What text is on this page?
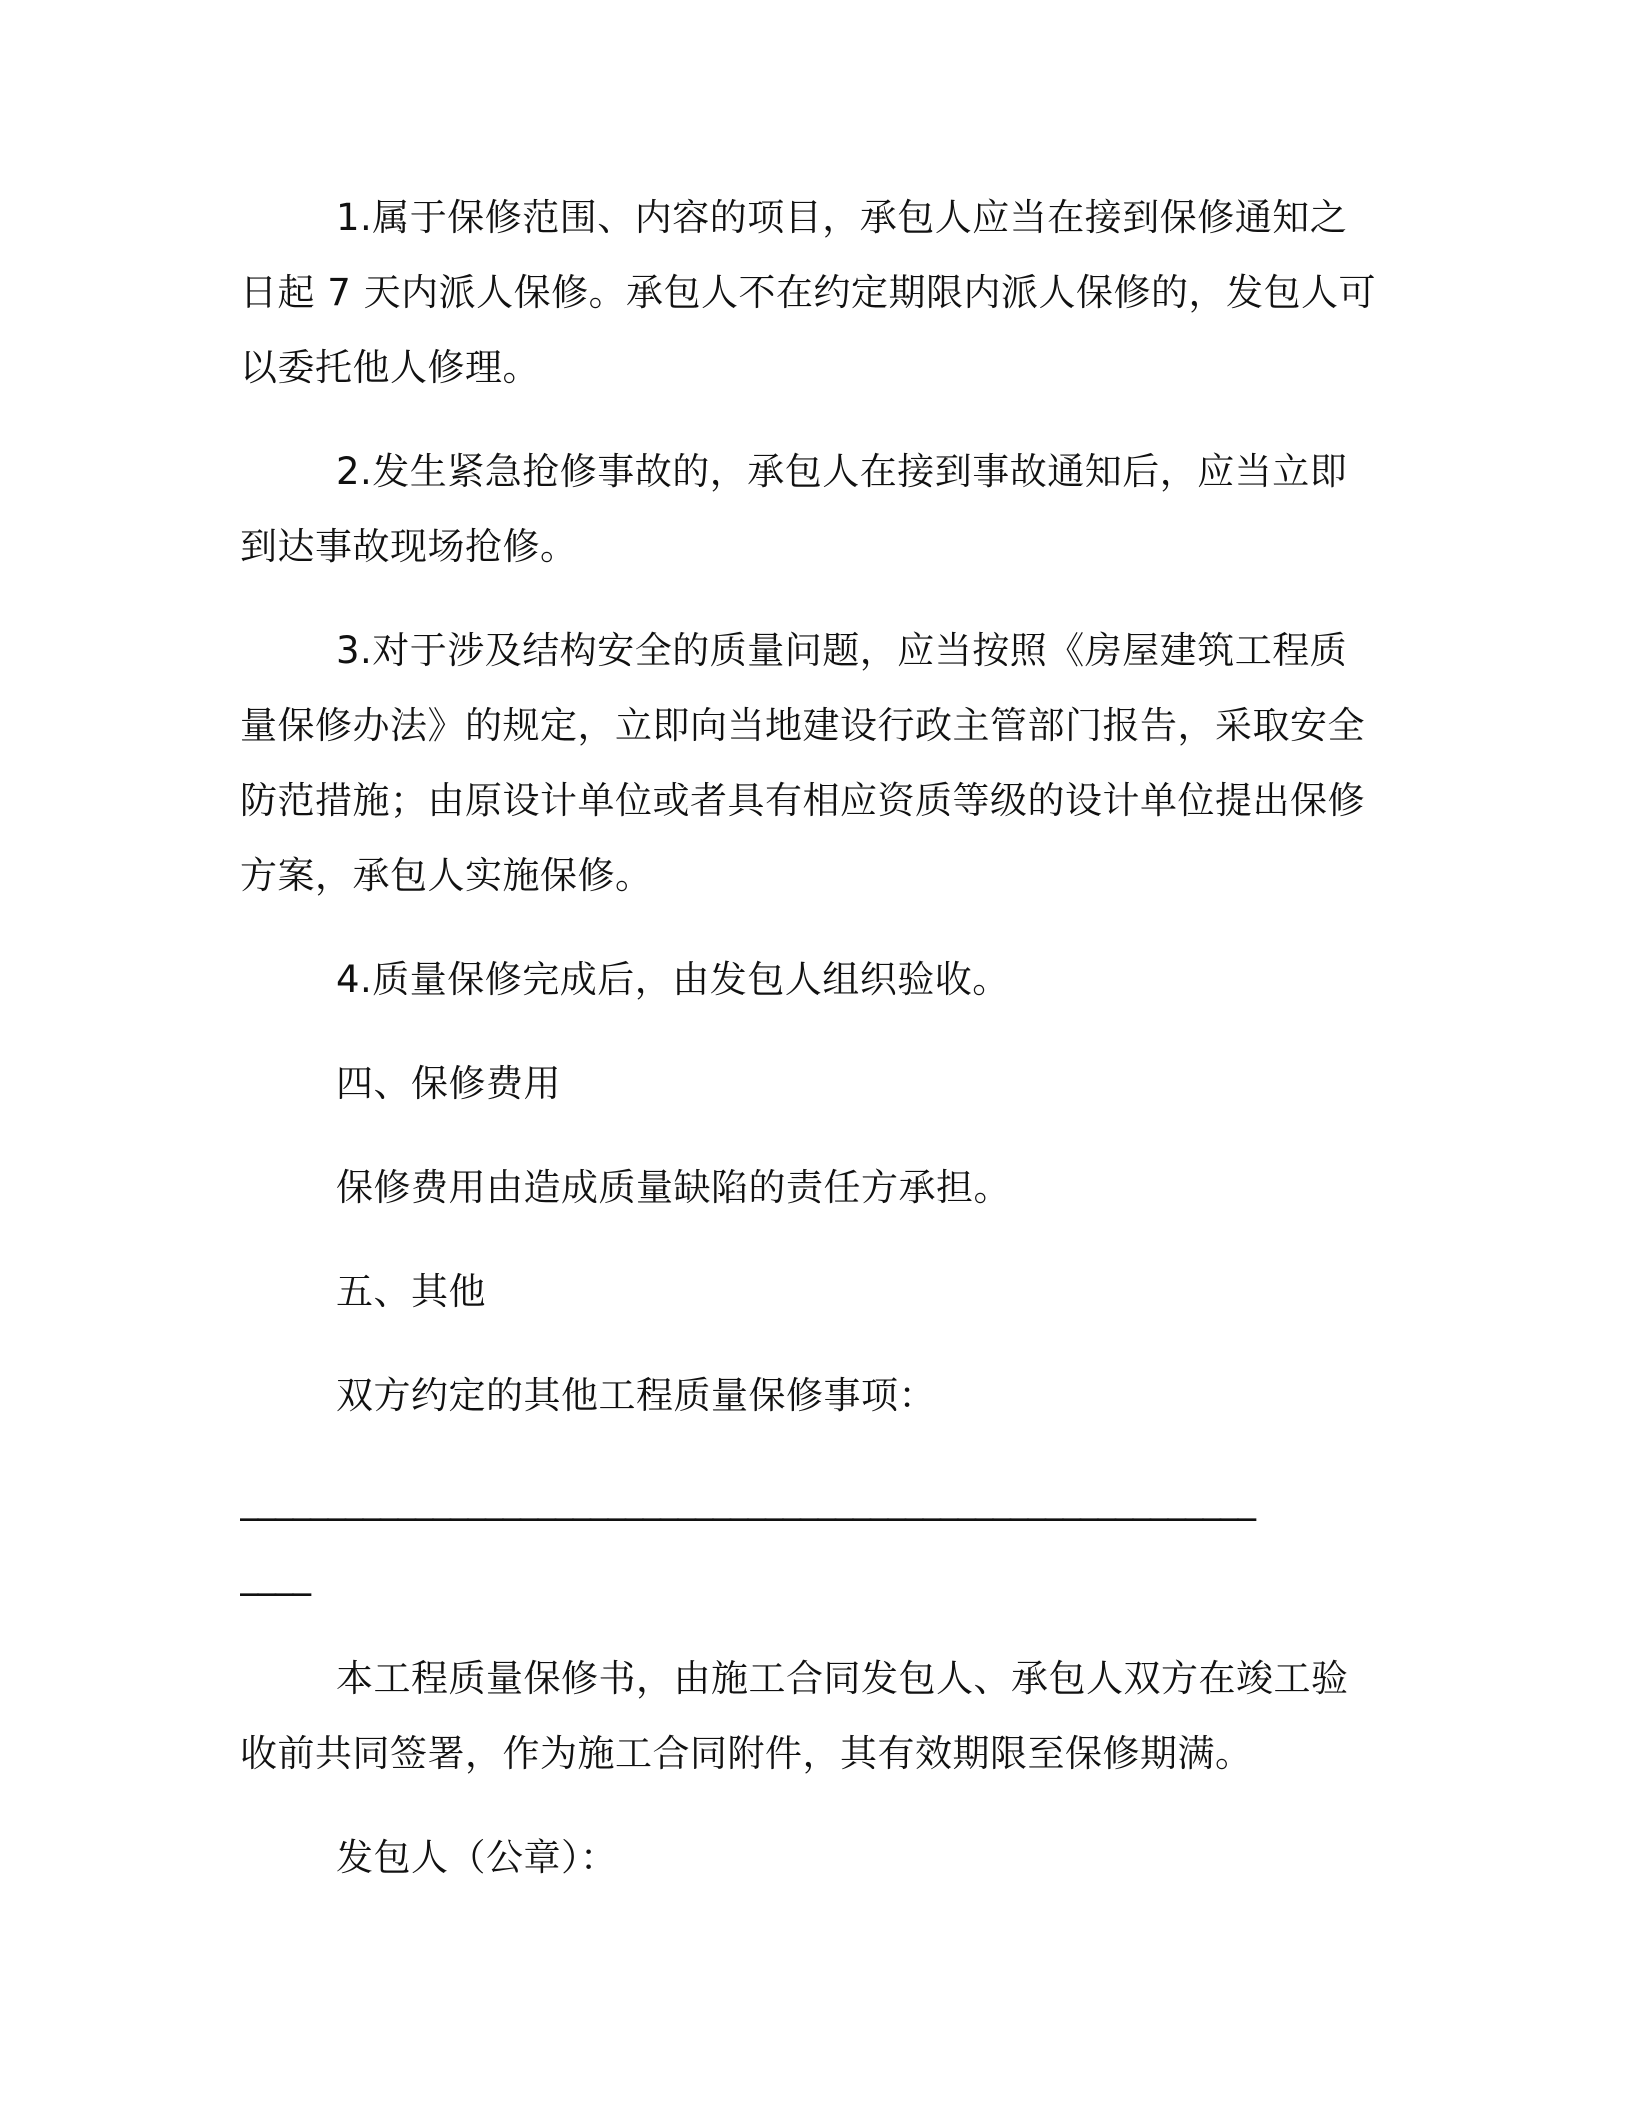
1.属于保修范围、内容的项目，承包人应当在接到保修通知之日起 7 天内派人保修。承包人不在约定期限内派人保修的，发包人可以委托他人修理。

2.发生紧急抢修事故的，承包人在接到事故通知后，应当立即到达事故现场抢修。

3.对于涉及结构安全的质量问题，应当按照《房屋建筑工程质量保修办法》的规定，立即向当地建设行政主管部门报告，采取安全防范措施；由原设计单位或者具有相应资质等级的设计单位提出保修方案，承包人实施保修。

4.质量保修完成后，由发包人组织验收。

四、保修费用

保修费用由造成质量缺陷的责任方承担。

五、其他

双方约定的其他工程质量保修事项：

__________________________________________________________

____

本工程质量保修书，由施工合同发包人、承包人双方在竣工验收前共同签署，作为施工合同附件，其有效期限至保修期满。

发包人（公章）：
